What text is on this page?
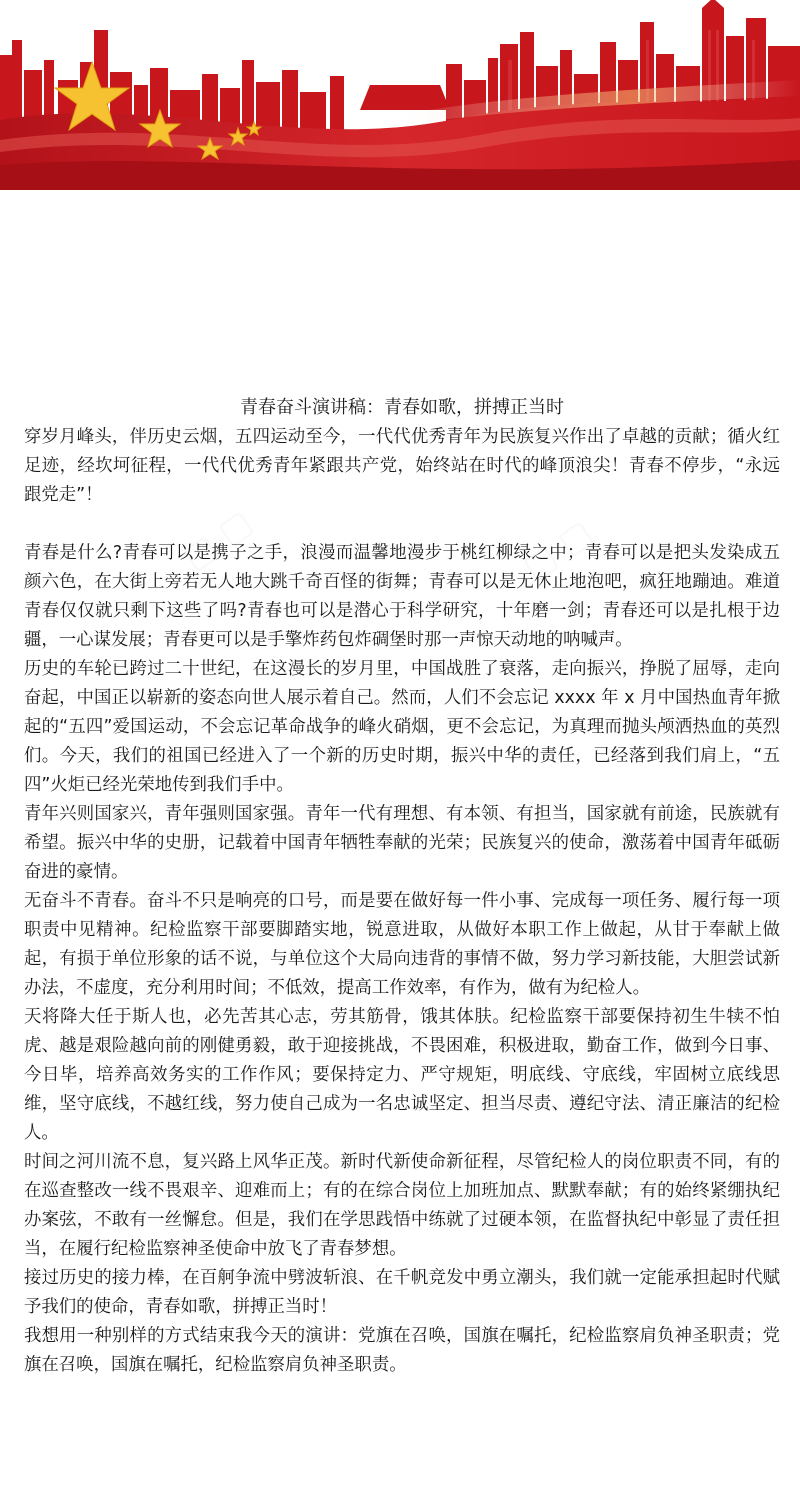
▢ ▢	▢ ▢
青春奋斗演讲稿：青春如歌，拼搏正当时

穿岁月峰头，伴历史云烟，五四运动至今，一代代优秀青年为民族复兴作出了卓越的贡献；循火红足迹，经坎坷征程，一代代优秀青年紧跟共产党，始终站在时代的峰顶浪尖！青春不停步，“永远跟党走”！

青春是什么?青春可以是携子之手，浪漫而温馨地漫步于桃红柳绿之中；青春可以是把头发染成五颜六色，在大街上旁若无人地大跳千奇百怪的街舞；青春可以是无休止地泡吧，疯狂地蹦迪。难道青春仅仅就只剩下这些了吗?青春也可以是潜心于科学研究，十年磨一剑；青春还可以是扎根于边疆，一心谋发展；青春更可以是手擎炸药包炸碉堡时那一声惊天动地的呐喊声。

历史的车轮已跨过二十世纪，在这漫长的岁月里，中国战胜了衰落，走向振兴，挣脱了屈辱，走向奋起，中国正以崭新的姿态向世人展示着自己。然而，人们不会忘记 xxxx 年 x 月中国热血青年掀起的“五四”爱国运动，不会忘记革命战争的峰火硝烟，更不会忘记，为真理而抛头颅洒热血的英烈们。今天，我们的祖国已经进入了一个新的历史时期，振兴中华的责任，已经落到我们肩上，“五四”火炬已经光荣地传到我们手中。

青年兴则国家兴，青年强则国家强。青年一代有理想、有本领、有担当，国家就有前途，民族就有希望。振兴中华的史册，记载着中国青年牺牲奉献的光荣；民族复兴的使命，激荡着中国青年砥砺奋进的豪情。

无奋斗不青春。奋斗不只是响亮的口号，而是要在做好每一件小事、完成每一项任务、履行每一项职责中见精神。纪检监察干部要脚踏实地，锐意进取，从做好本职工作上做起，从甘于奉献上做起，有损于单位形象的话不说，与单位这个大局向违背的事情不做，努力学习新技能，大胆尝试新办法，不虚度，充分利用时间；不低效，提高工作效率，有作为，做有为纪检人。

天将降大任于斯人也，必先苦其心志，劳其筋骨，饿其体肤。纪检监察干部要保持初生牛犊不怕虎、越是艰险越向前的刚健勇毅，敢于迎接挑战，不畏困难，积极进取，勤奋工作，做到今日事、今日毕，培养高效务实的工作作风；要保持定力、严守规矩，明底线、守底线，牢固树立底线思维，坚守底线，不越红线，努力使自己成为一名忠诚坚定、担当尽责、遵纪守法、清正廉洁的纪检人。

时间之河川流不息，复兴路上风华正茂。新时代新使命新征程，尽管纪检人的岗位职责不同，有的在巡查整改一线不畏艰辛、迎难而上；有的在综合岗位上加班加点、默默奉献；有的始终紧绷执纪办案弦，不敢有一丝懈怠。但是，我们在学思践悟中练就了过硬本领，在监督执纪中彰显了责任担当，在履行纪检监察神圣使命中放飞了青春梦想。

接过历史的接力棒，在百舸争流中劈波斩浪、在千帆竞发中勇立潮头，我们就一定能承担起时代赋予我们的使命，青春如歌，拼搏正当时！

我想用一种别样的方式结束我今天的演讲：党旗在召唤，国旗在嘱托，纪检监察肩负神圣职责；党旗在召唤，国旗在嘱托，纪检监察肩负神圣职责。
